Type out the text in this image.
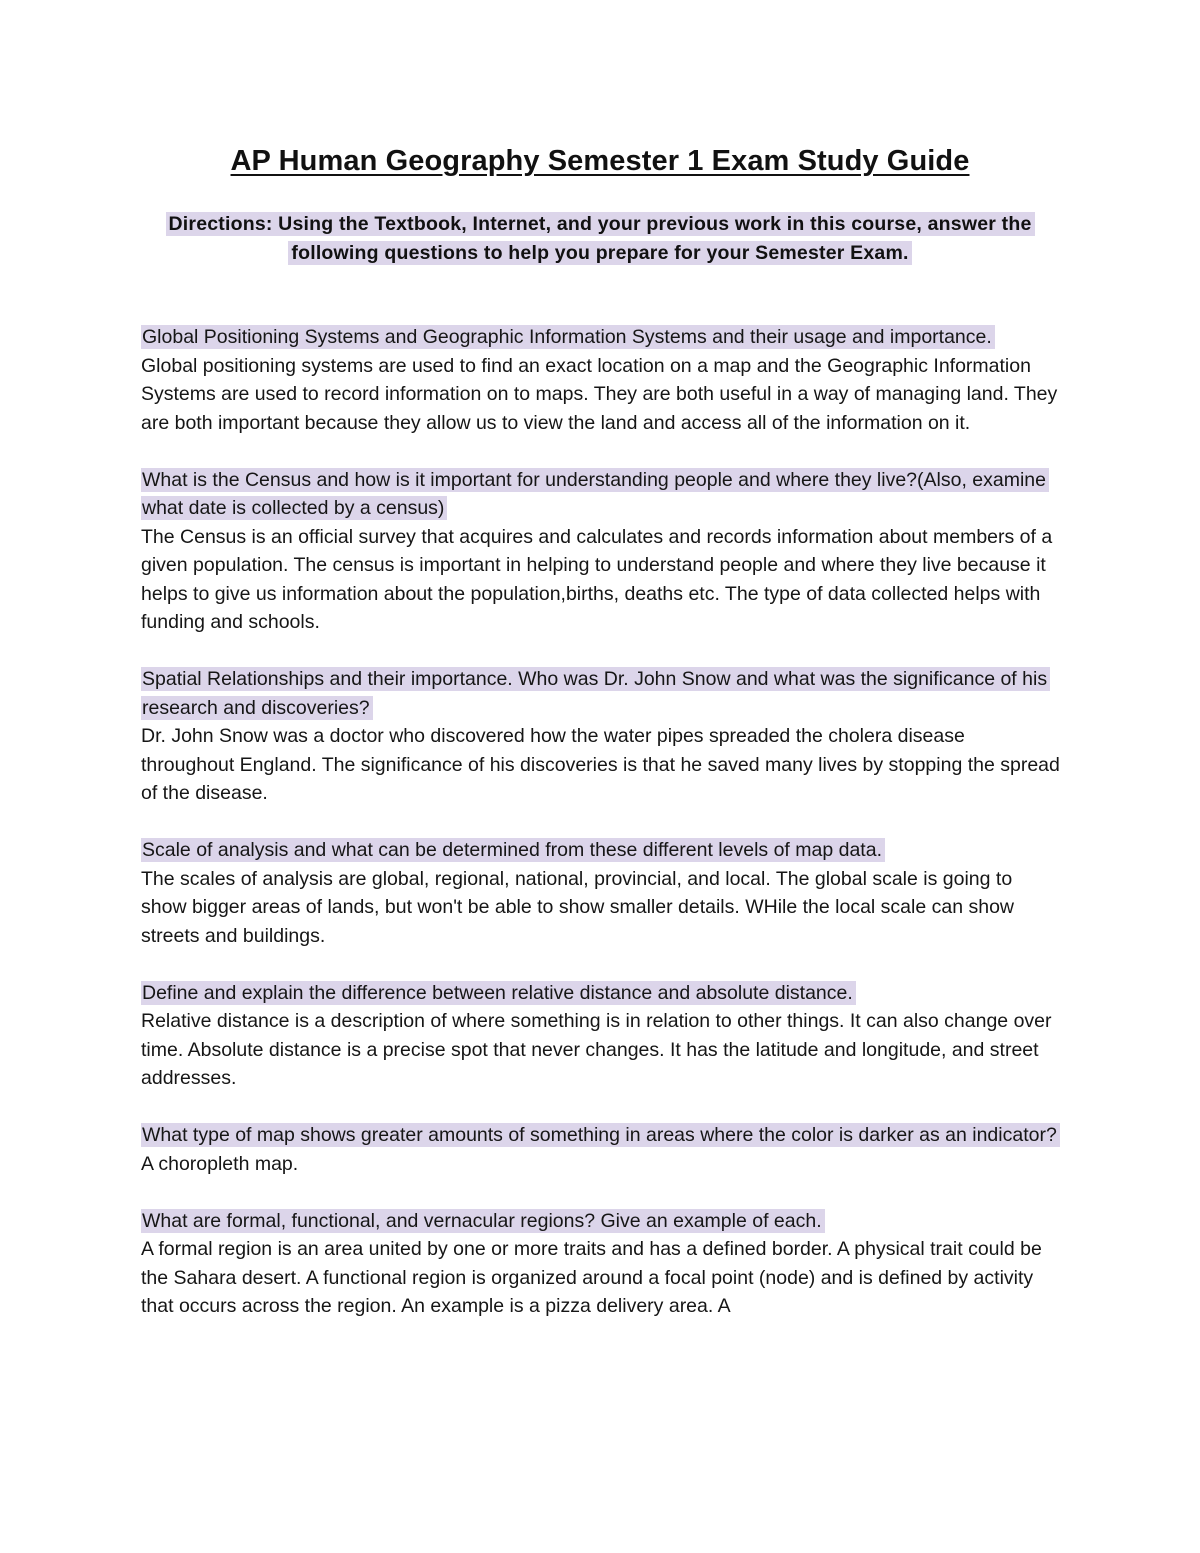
AP Human Geography Semester 1 Exam Study Guide

Directions: Using the Textbook, Internet, and your previous work in this course, answer the following questions to help you prepare for your Semester Exam.

Global Positioning Systems and Geographic Information Systems and their usage and importance.

Global positioning systems are used to find an exact location on a map and the Geographic Information Systems are used to record information on to maps. They are both useful in a way of managing land. They are both important because they allow us to view the land and access all of the information on it.

What is the Census and how is it important for understanding people and where they live?(Also, examine what date is collected by a census)

The Census is an official survey that acquires and calculates and records information about members of a given population. The census is important in helping to understand people and where they live because it helps to give us information about the population,births, deaths etc. The type of data collected helps with funding and schools.

Spatial Relationships and their importance. Who was Dr. John Snow and what was the significance of his research and discoveries?

Dr. John Snow was a doctor who discovered how the water pipes spreaded the cholera disease throughout England. The significance of his discoveries is that he saved many lives by stopping the spread of the disease.

Scale of analysis and what can be determined from these different levels of map data.

The scales of analysis are global, regional, national, provincial, and local. The global scale is going to show bigger areas of lands, but won't be able to show smaller details. WHile the local scale can show streets and buildings.

Define and explain the difference between relative distance and absolute distance.

Relative distance is a description of where something is in relation to other things. It can also change over time. Absolute distance is a precise spot that never changes. It has the latitude and longitude, and street addresses.

What type of map shows greater amounts of something in areas where the color is darker as an indicator?

A choropleth map.

What are formal, functional, and vernacular regions? Give an example of each.

A formal region is an area united by one or more traits and has a defined border. A physical trait could be the Sahara desert. A functional region is organized around a focal point (node) and is defined by activity that occurs across the region. An example is a pizza delivery area. A
